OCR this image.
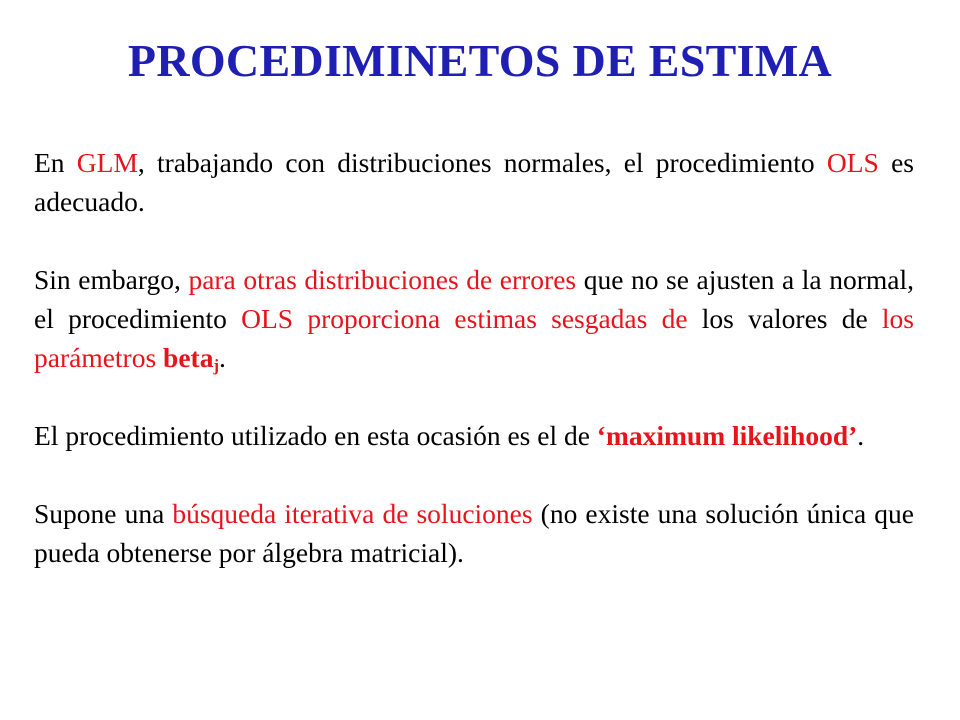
PROCEDIMINETOS DE ESTIMA

En GLM, trabajando con distribuciones normales, el procedimiento OLS es adecuado.

Sin embargo, para otras distribuciones de errores que no se ajusten a la normal, el procedimiento OLS proporciona estimas sesgadas de los valores de los parámetros beta$_j$.

El procedimiento utilizado en esta ocasión es el de ‘maximum likelihood’.

Supone una búsqueda iterativa de soluciones (no existe una solución única que pueda obtenerse por álgebra matricial).
